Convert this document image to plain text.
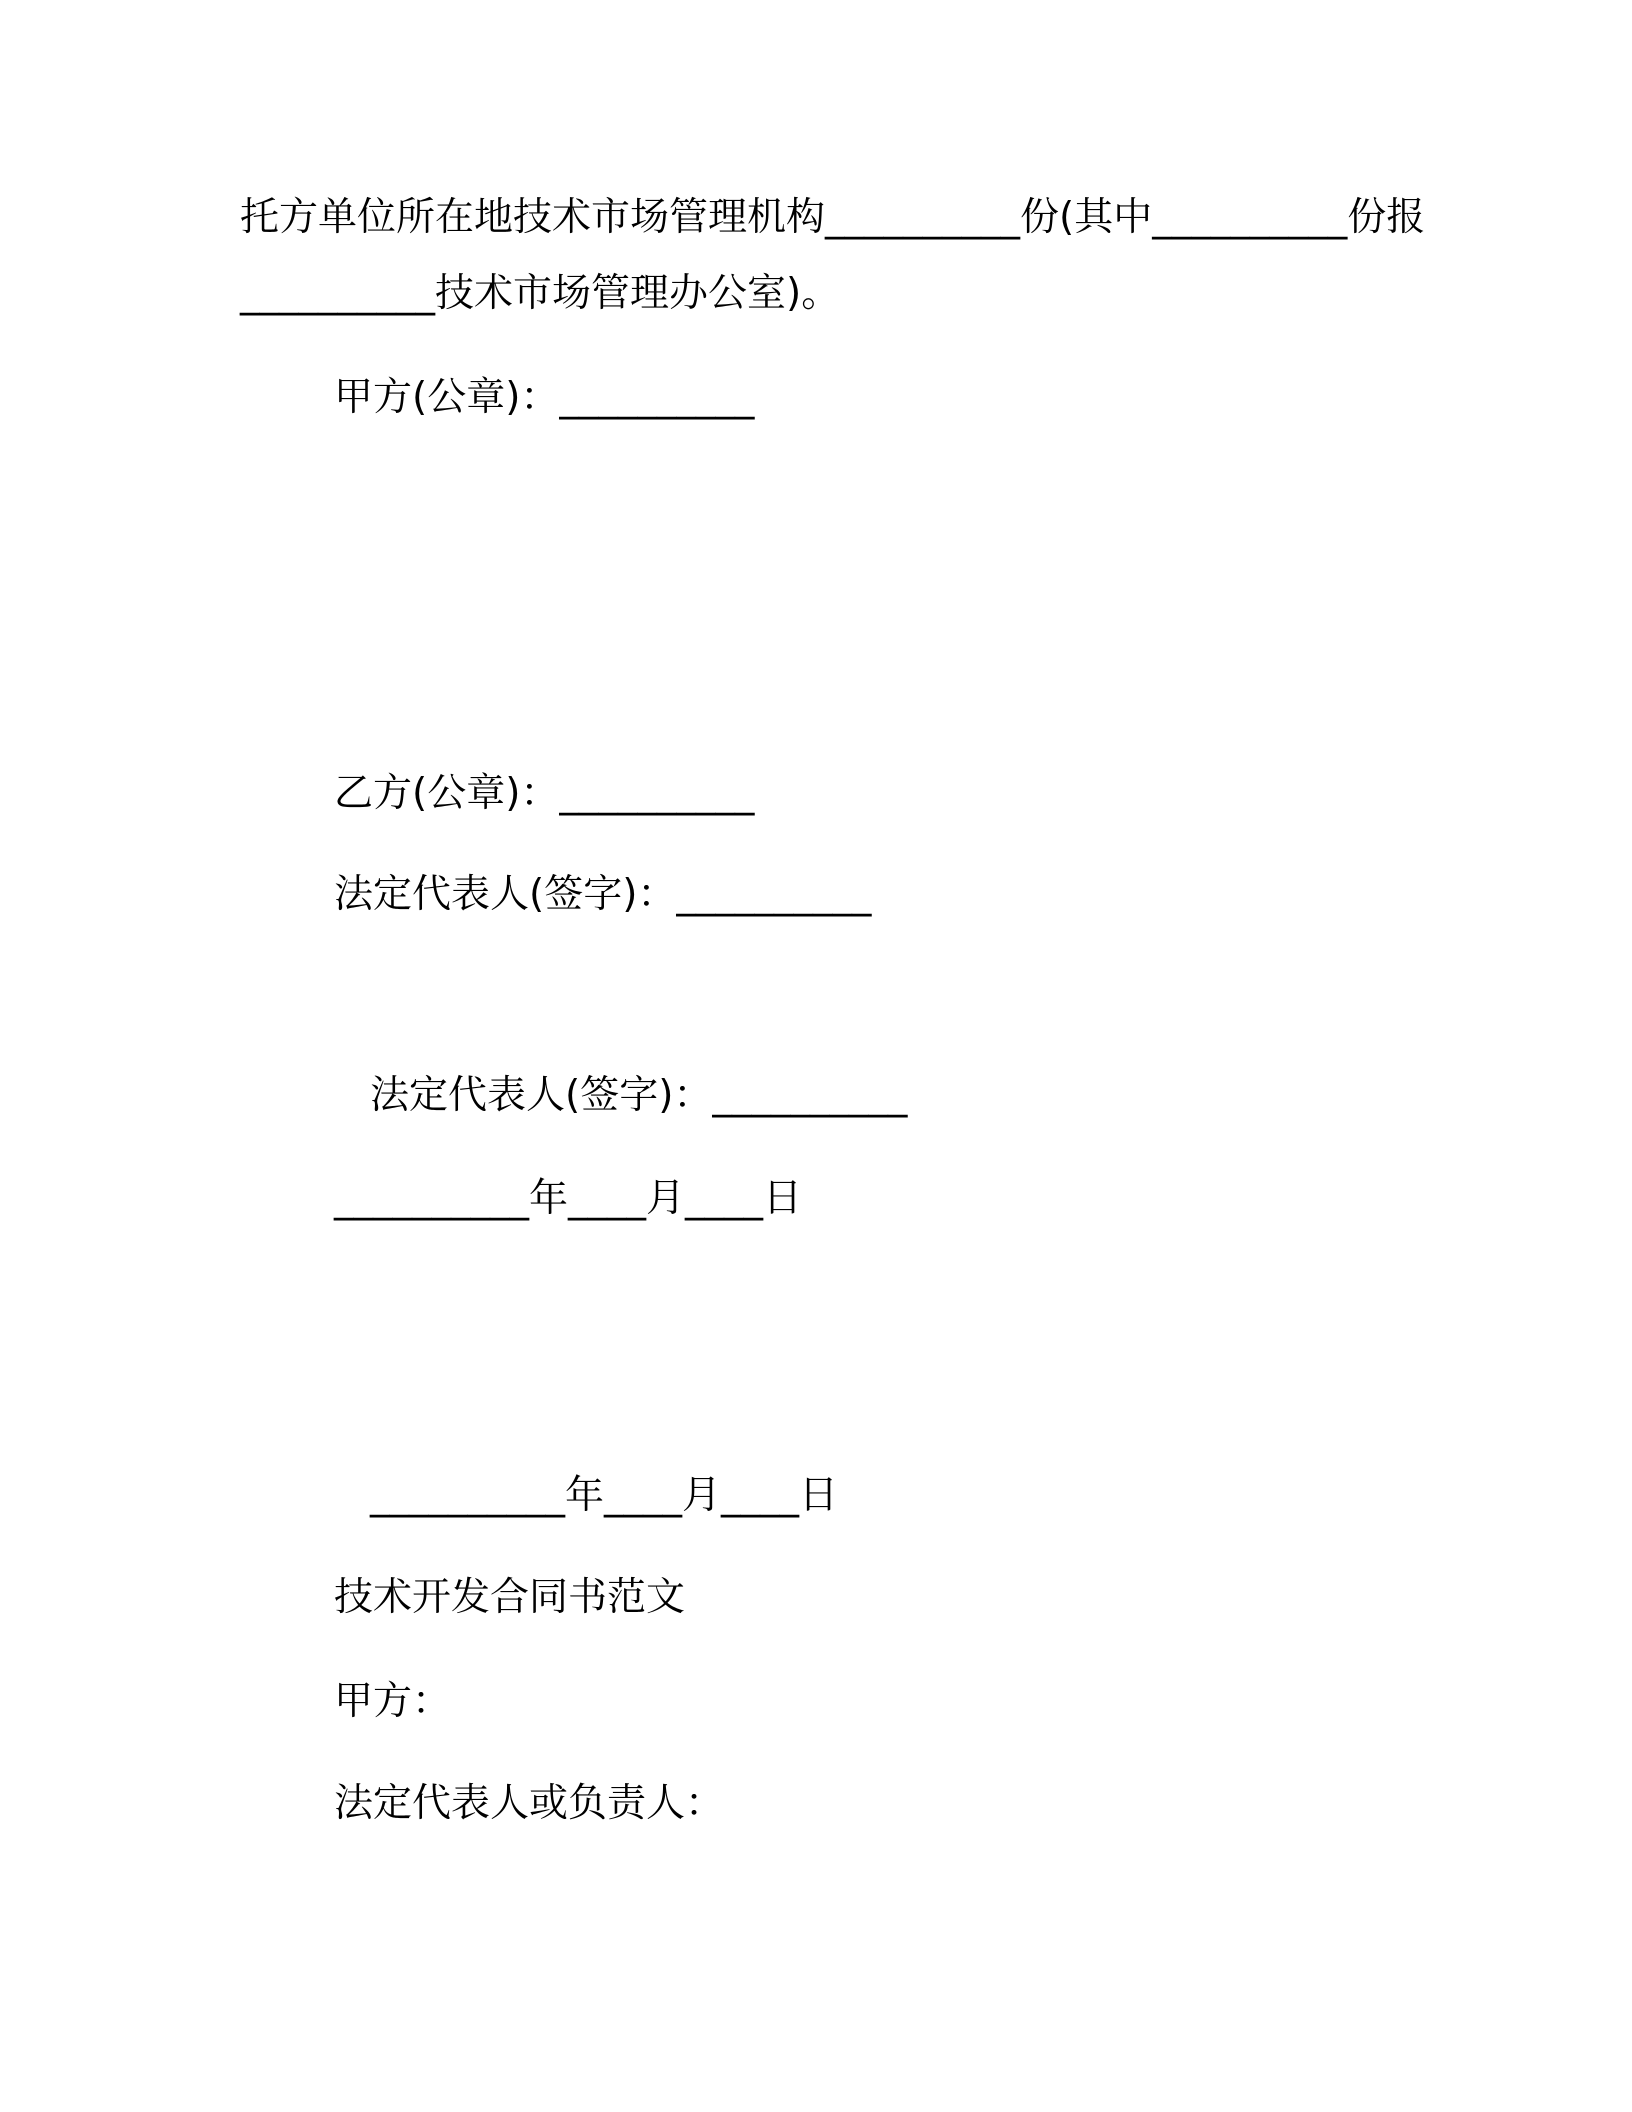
托方单位所在地技术市场管理机构__________份(其中__________份报
__________技术市场管理办公室)。
甲方(公章)：__________
乙方(公章)：__________
法定代表人(签字)：__________
法定代表人(签字)：__________
__________年____月____日
__________年____月____日
技术开发合同书范文
甲方：
法定代表人或负责人：
